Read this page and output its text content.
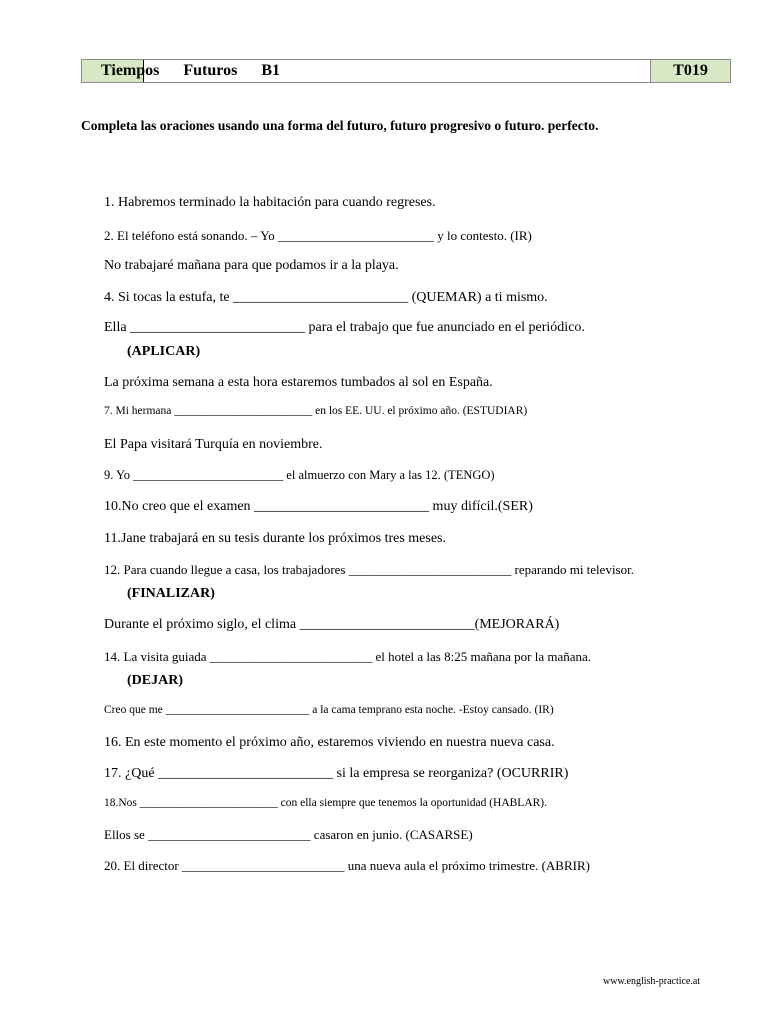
T019
Tiempos      Futuros      B1
Completa las oraciones usando una forma del futuro, futuro progresivo o futuro. perfecto.
1. Habremos terminado la habitación para cuando regreses.
2. El teléfono está sonando. – Yo ________________________ y lo contesto. (IR)
No trabajaré mañana para que podamos ir a la playa.
4. Si tocas la estufa, te _________________________ (QUEMAR) a ti mismo.
Ella _________________________ para el trabajo que fue anunciado en el periódico.
(APLICAR)
La próxima semana a esta hora estaremos tumbados al sol en España.
7. Mi hermana ________________________ en los EE. UU. el próximo año. (ESTUDIAR)
El Papa visitará Turquía en noviembre.
9. Yo ________________________ el almuerzo con Mary a las 12. (TENGO)
10.No creo que el examen _________________________ muy difícil.(SER)
11.Jane trabajará en su tesis durante los próximos tres meses.
12. Para cuando llegue a casa, los trabajadores _________________________ reparando mi televisor.
(FINALIZAR)
Durante el próximo siglo, el clima _________________________(MEJORARÁ)
14. La visita guiada _________________________ el hotel a las 8:25 mañana por la mañana.
(DEJAR)
Creo que me _________________________ a la cama temprano esta noche. -Estoy cansado. (IR)
16. En este momento el próximo año, estaremos viviendo en nuestra nueva casa.
17. ¿Qué _________________________ si la empresa se reorganiza? (OCURRIR)
18.Nos ________________________ con ella siempre que tenemos la oportunidad (HABLAR).
Ellos se _________________________ casaron en junio. (CASARSE)
20. El director _________________________ una nueva aula el próximo trimestre. (ABRIR)
www.english-practice.at
